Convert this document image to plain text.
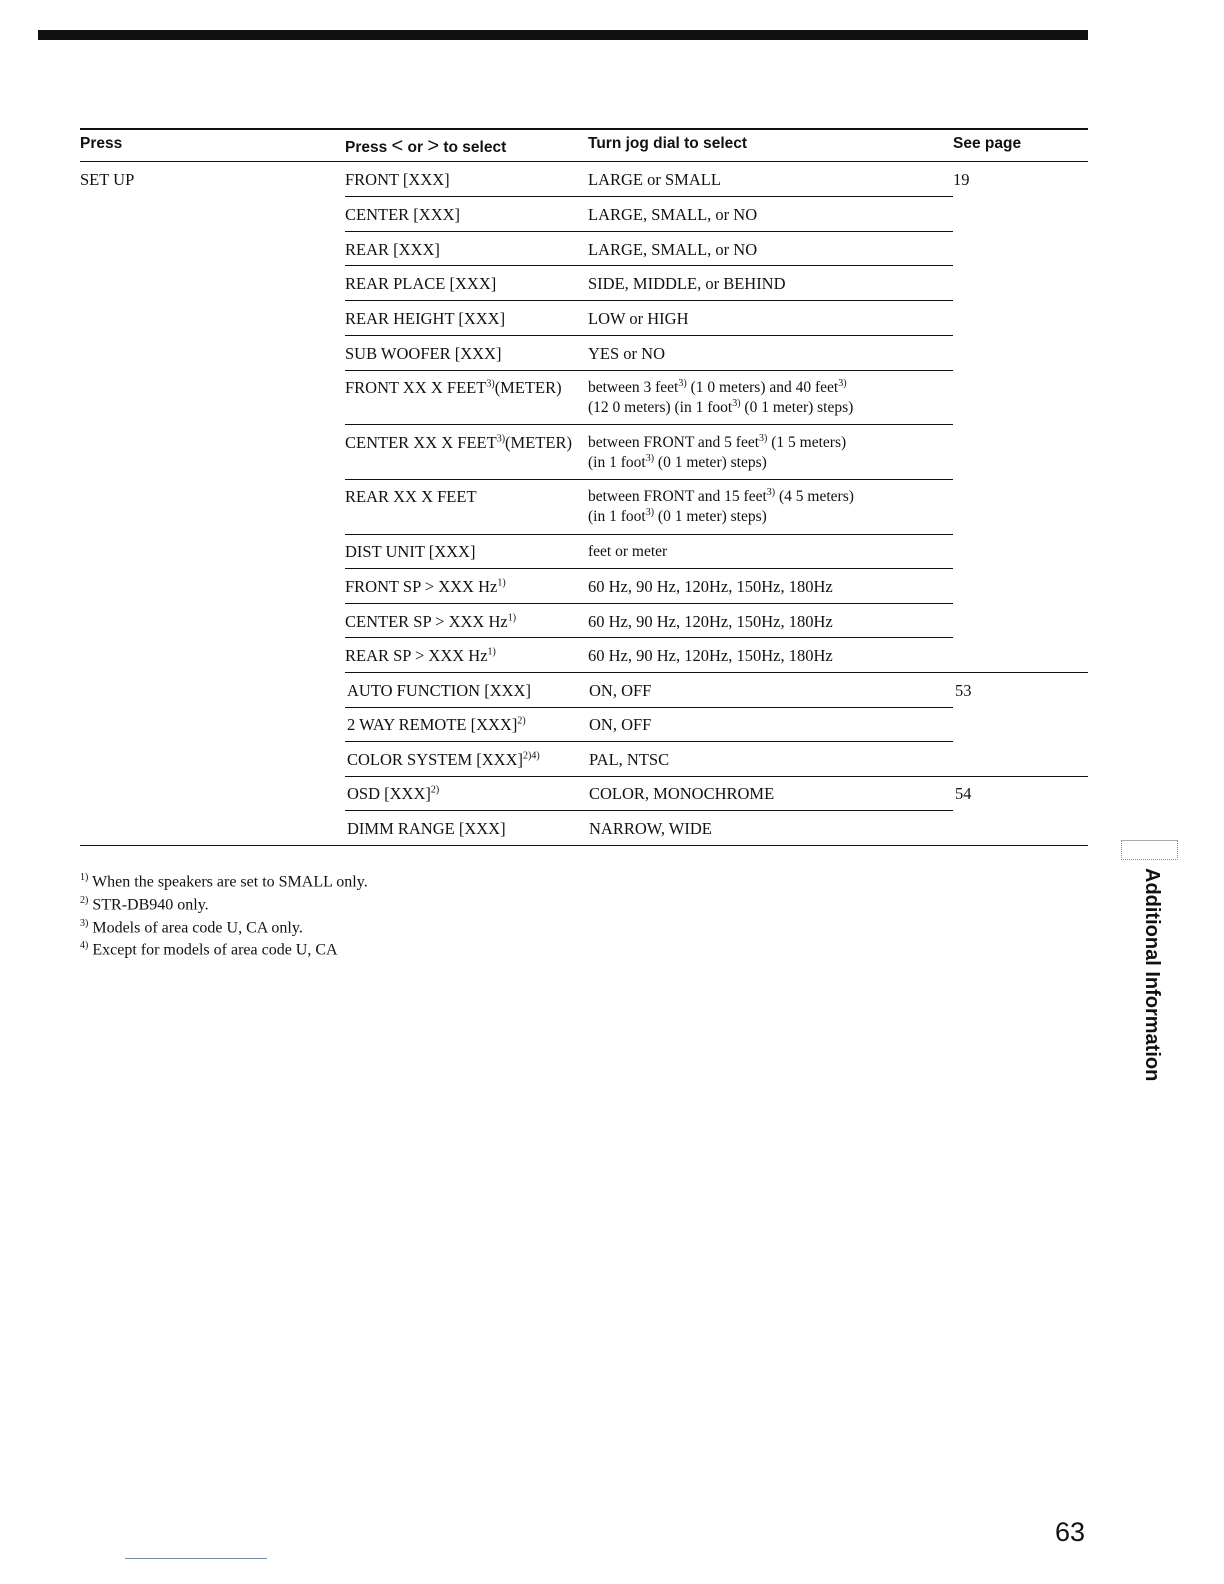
Press	Press < or > to select	Turn jog dial to select	See page
SET UP	FRONT [XXX]	LARGE or SMALL	19
CENTER [XXX]	LARGE, SMALL, or NO
REAR [XXX]	LARGE, SMALL, or NO
REAR PLACE [XXX]	SIDE, MIDDLE, or BEHIND
REAR HEIGHT [XXX]	LOW or HIGH
SUB WOOFER [XXX]	YES or NO
FRONT XX X FEET$^{3)}$(METER) between 3 feet$^{3)}$ (1 0 meters) and 40 feet$^{3)}$
(12 0 meters) (in 1 foot$^{3)}$ (0 1 meter) steps)
CENTER XX X FEET$^{3)}$(METER) between FRONT and 5 feet$^{3)}$ (1 5 meters)
(in 1 foot$^{3)}$ (0 1 meter) steps)
REAR XX X FEET	between FRONT and 15 feet$^{3)}$ (4 5 meters)
(in 1 foot$^{3)}$ (0 1 meter) steps)
DIST UNIT [XXX]	feet or meter
FRONT SP > XXX Hz$^{1)}$	60 Hz, 90 Hz, 120Hz, 150Hz, 180Hz
CENTER SP > XXX Hz$^{1)}$	60 Hz, 90 Hz, 120Hz, 150Hz, 180Hz
REAR SP > XXX Hz$^{1)}$	60 Hz, 90 Hz, 120Hz, 150Hz, 180Hz
AUTO FUNCTION [XXX]	ON, OFF	53
2 WAY REMOTE [XXX]$^{2)}$	ON, OFF
COLOR SYSTEM [XXX]$^{2)4)}$	PAL, NTSC
OSD [XXX]$^{2)}$	COLOR, MONOCHROME	54
DIMM RANGE [XXX]	NARROW, WIDE
$^{1)}$ When the speakers are set to SMALL only.
$^{2)}$ STR-DB940 only.
$^{3)}$ Models of area code U, CA only.
$^{4)}$ Except for models of area code U, CA	Additional Information
63
